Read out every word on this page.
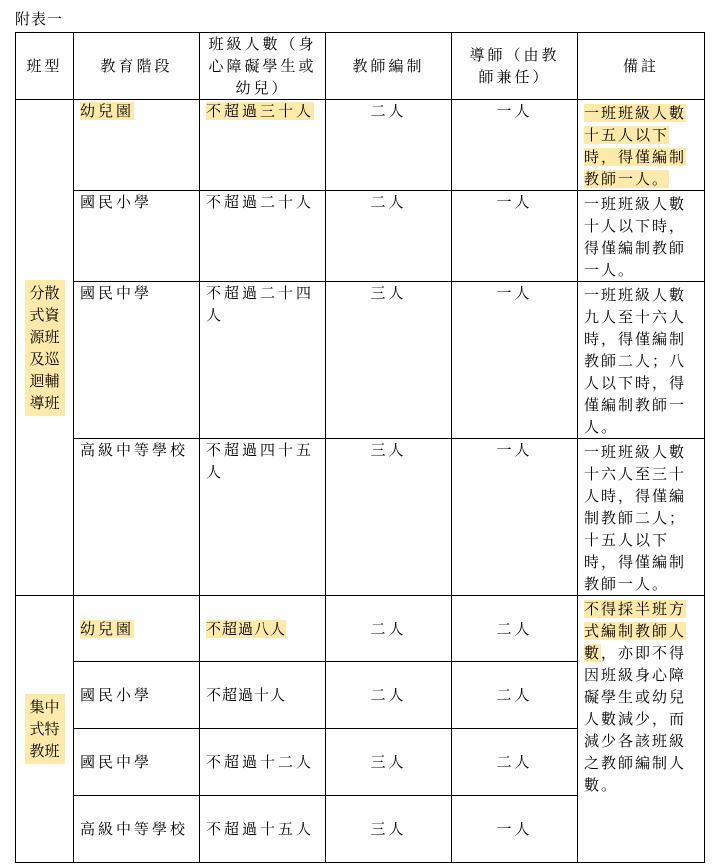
附表一
班型	教育階段	班級人數（身心障礙學生或幼兒）	教師編制	導師（由教師兼任）	備註
分散式資源班及巡迴輔導班	幼兒園	不超過三十人	二人	一人	一班班級人數十五人以下時，得僅編制教師一人。
	國民小學	不超過二十人	二人	一人	一班班級人數十人以下時，得僅編制教師一人。
	國民中學	不超過二十四人	三人	一人	一班班級人數九人至十六人時，得僅編制教師二人；八人以下時，得僅編制教師一人。
	高級中等學校	不超過四十五人	三人	一人	一班班級人數十六人至三十人時，得僅編制教師二人；十五人以下時，得僅編制教師一人。
集中式特教班	幼兒園	不超過八人	二人	二人	不得採半班方式編制教師人數，亦即不得因班級身心障礙學生或幼兒人數減少，而減少各該班級之教師編制人數。
	國民小學	不超過十人	二人	二人	
	國民中學	不超過十二人	三人	二人	
	高級中等學校	不超過十五人	三人	一人	
